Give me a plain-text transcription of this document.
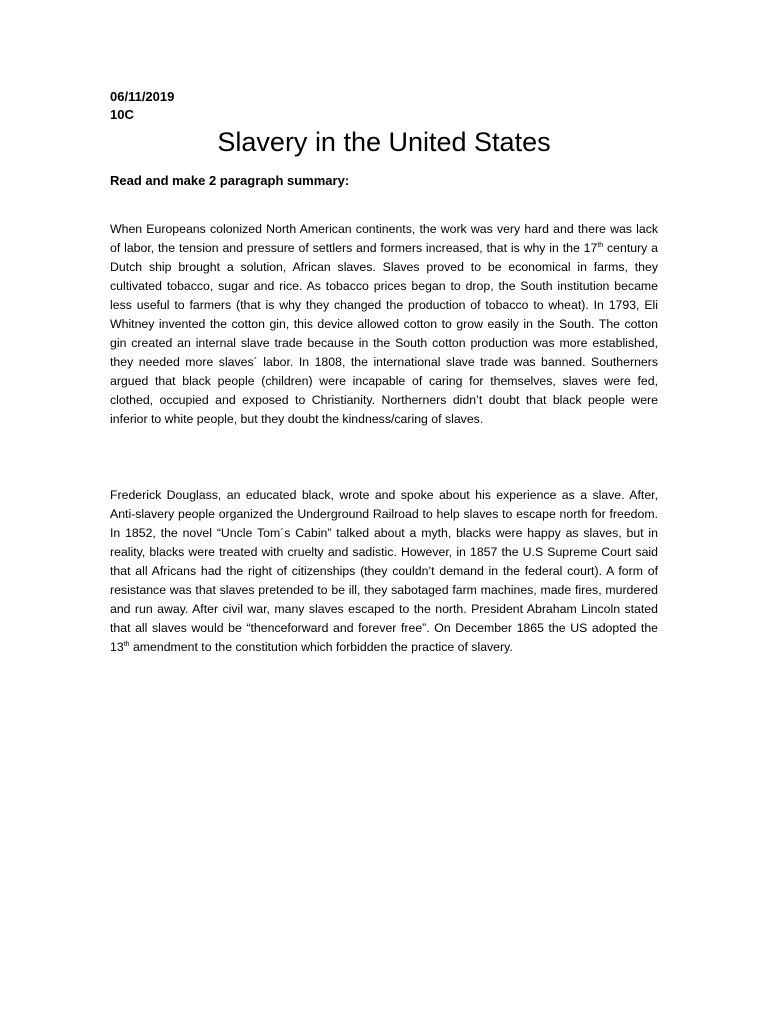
06/11/2019
10C
Slavery in the United States
Read and make 2 paragraph summary:

When Europeans colonized North American continents, the work was very hard and there was lack of labor, the tension and pressure of settlers and formers increased, that is why in the 17th century a Dutch ship brought a solution, African slaves. Slaves proved to be economical in farms, they cultivated tobacco, sugar and rice. As tobacco prices began to drop, the South institution became less useful to farmers (that is why they changed the production of tobacco to wheat). In 1793, Eli Whitney invented the cotton gin, this device allowed cotton to grow easily in the South. The cotton gin created an internal slave trade because in the South cotton production was more established, they needed more slaves´ labor. In 1808, the international slave trade was banned. Southerners argued that black people (children) were incapable of caring for themselves, slaves were fed, clothed, occupied and exposed to Christianity. Northerners didn’t doubt that black people were inferior to white people, but they doubt the kindness/caring of slaves.

Frederick Douglass, an educated black, wrote and spoke about his experience as a slave. After, Anti-slavery people organized the Underground Railroad to help slaves to escape north for freedom. In 1852, the novel “Uncle Tom´s Cabin” talked about a myth, blacks were happy as slaves, but in reality, blacks were treated with cruelty and sadistic. However, in 1857 the U.S Supreme Court said that all Africans had the right of citizenships (they couldn’t demand in the federal court). A form of resistance was that slaves pretended to be ill, they sabotaged farm machines, made fires, murdered and run away. After civil war, many slaves escaped to the north. President Abraham Lincoln stated that all slaves would be “thenceforward and forever free”. On December 1865 the US adopted the 13th amendment to the constitution which forbidden the practice of slavery.
